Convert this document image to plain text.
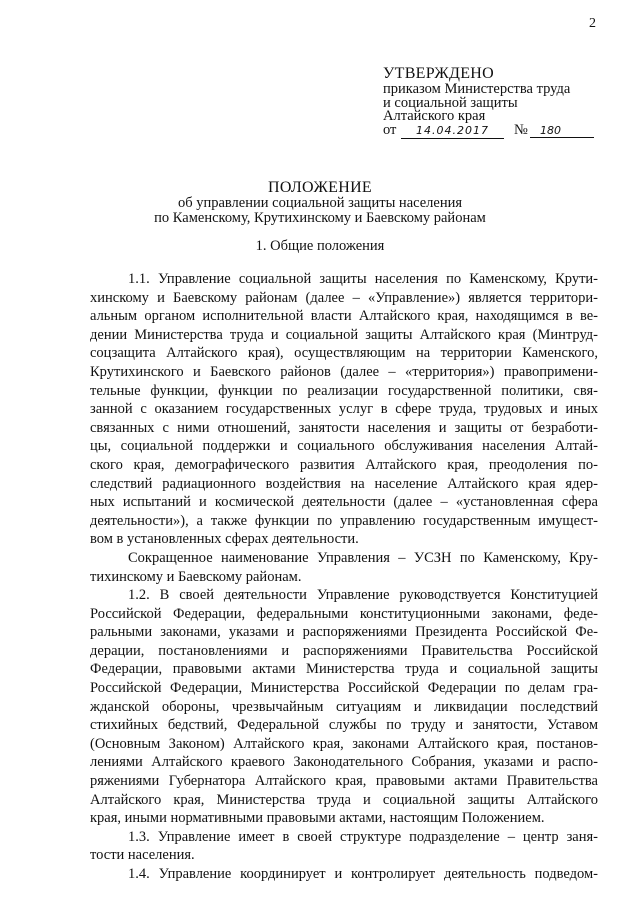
2
УТВЕРЖДЕНО
приказом Министерства труда
и социальной защиты
Алтайского края
от	14.04.2017	№	180
ПОЛОЖЕНИЕ
об управлении социальной защиты населения
по Каменскому, Крутихинскому и Баевскому районам
1. Общие положения
1.1. Управление социальной защиты населения по Каменскому, Крути-
хинскому и Баевскому районам (далее – «Управление») является территори-
альным органом исполнительной власти Алтайского края, находящимся в ве-
дении Министерства труда и социальной защиты Алтайского края (Минтруд-
соцзащита Алтайского края), осуществляющим на территории Каменского,
Крутихинского и Баевского районов (далее – «территория») правопримени-
тельные функции, функции по реализации государственной политики, свя-
занной с оказанием государственных услуг в сфере труда, трудовых и иных
связанных с ними отношений, занятости населения и защиты от безработи-
цы, социальной поддержки и социального обслуживания населения Алтай-
ского края, демографического развития Алтайского края, преодоления по-
следствий радиационного воздействия на население Алтайского края ядер-
ных испытаний и космической деятельности (далее – «установленная сфера
деятельности»), а также функции по управлению государственным имущест-
вом в установленных сферах деятельности.
Сокращенное наименование Управления – УСЗН по Каменскому, Кру-
тихинскому и Баевскому районам.
1.2. В своей деятельности Управление руководствуется Конституцией
Российской Федерации, федеральными конституционными законами, феде-
ральными законами, указами и распоряжениями Президента Российской Фе-
дерации, постановлениями и распоряжениями Правительства Российской
Федерации, правовыми актами Министерства труда и социальной защиты
Российской Федерации, Министерства Российской Федерации по делам гра-
жданской обороны, чрезвычайным ситуациям и ликвидации последствий
стихийных бедствий, Федеральной службы по труду и занятости, Уставом
(Основным Законом) Алтайского края, законами Алтайского края, постанов-
лениями Алтайского краевого Законодательного Собрания, указами и распо-
ряжениями Губернатора Алтайского края, правовыми актами Правительства
Алтайского края, Министерства труда и социальной защиты Алтайского
края, иными нормативными правовыми актами, настоящим Положением.
1.3. Управление имеет в своей структуре подразделение – центр заня-
тости населения.
1.4. Управление координирует и контролирует деятельность подведом-
